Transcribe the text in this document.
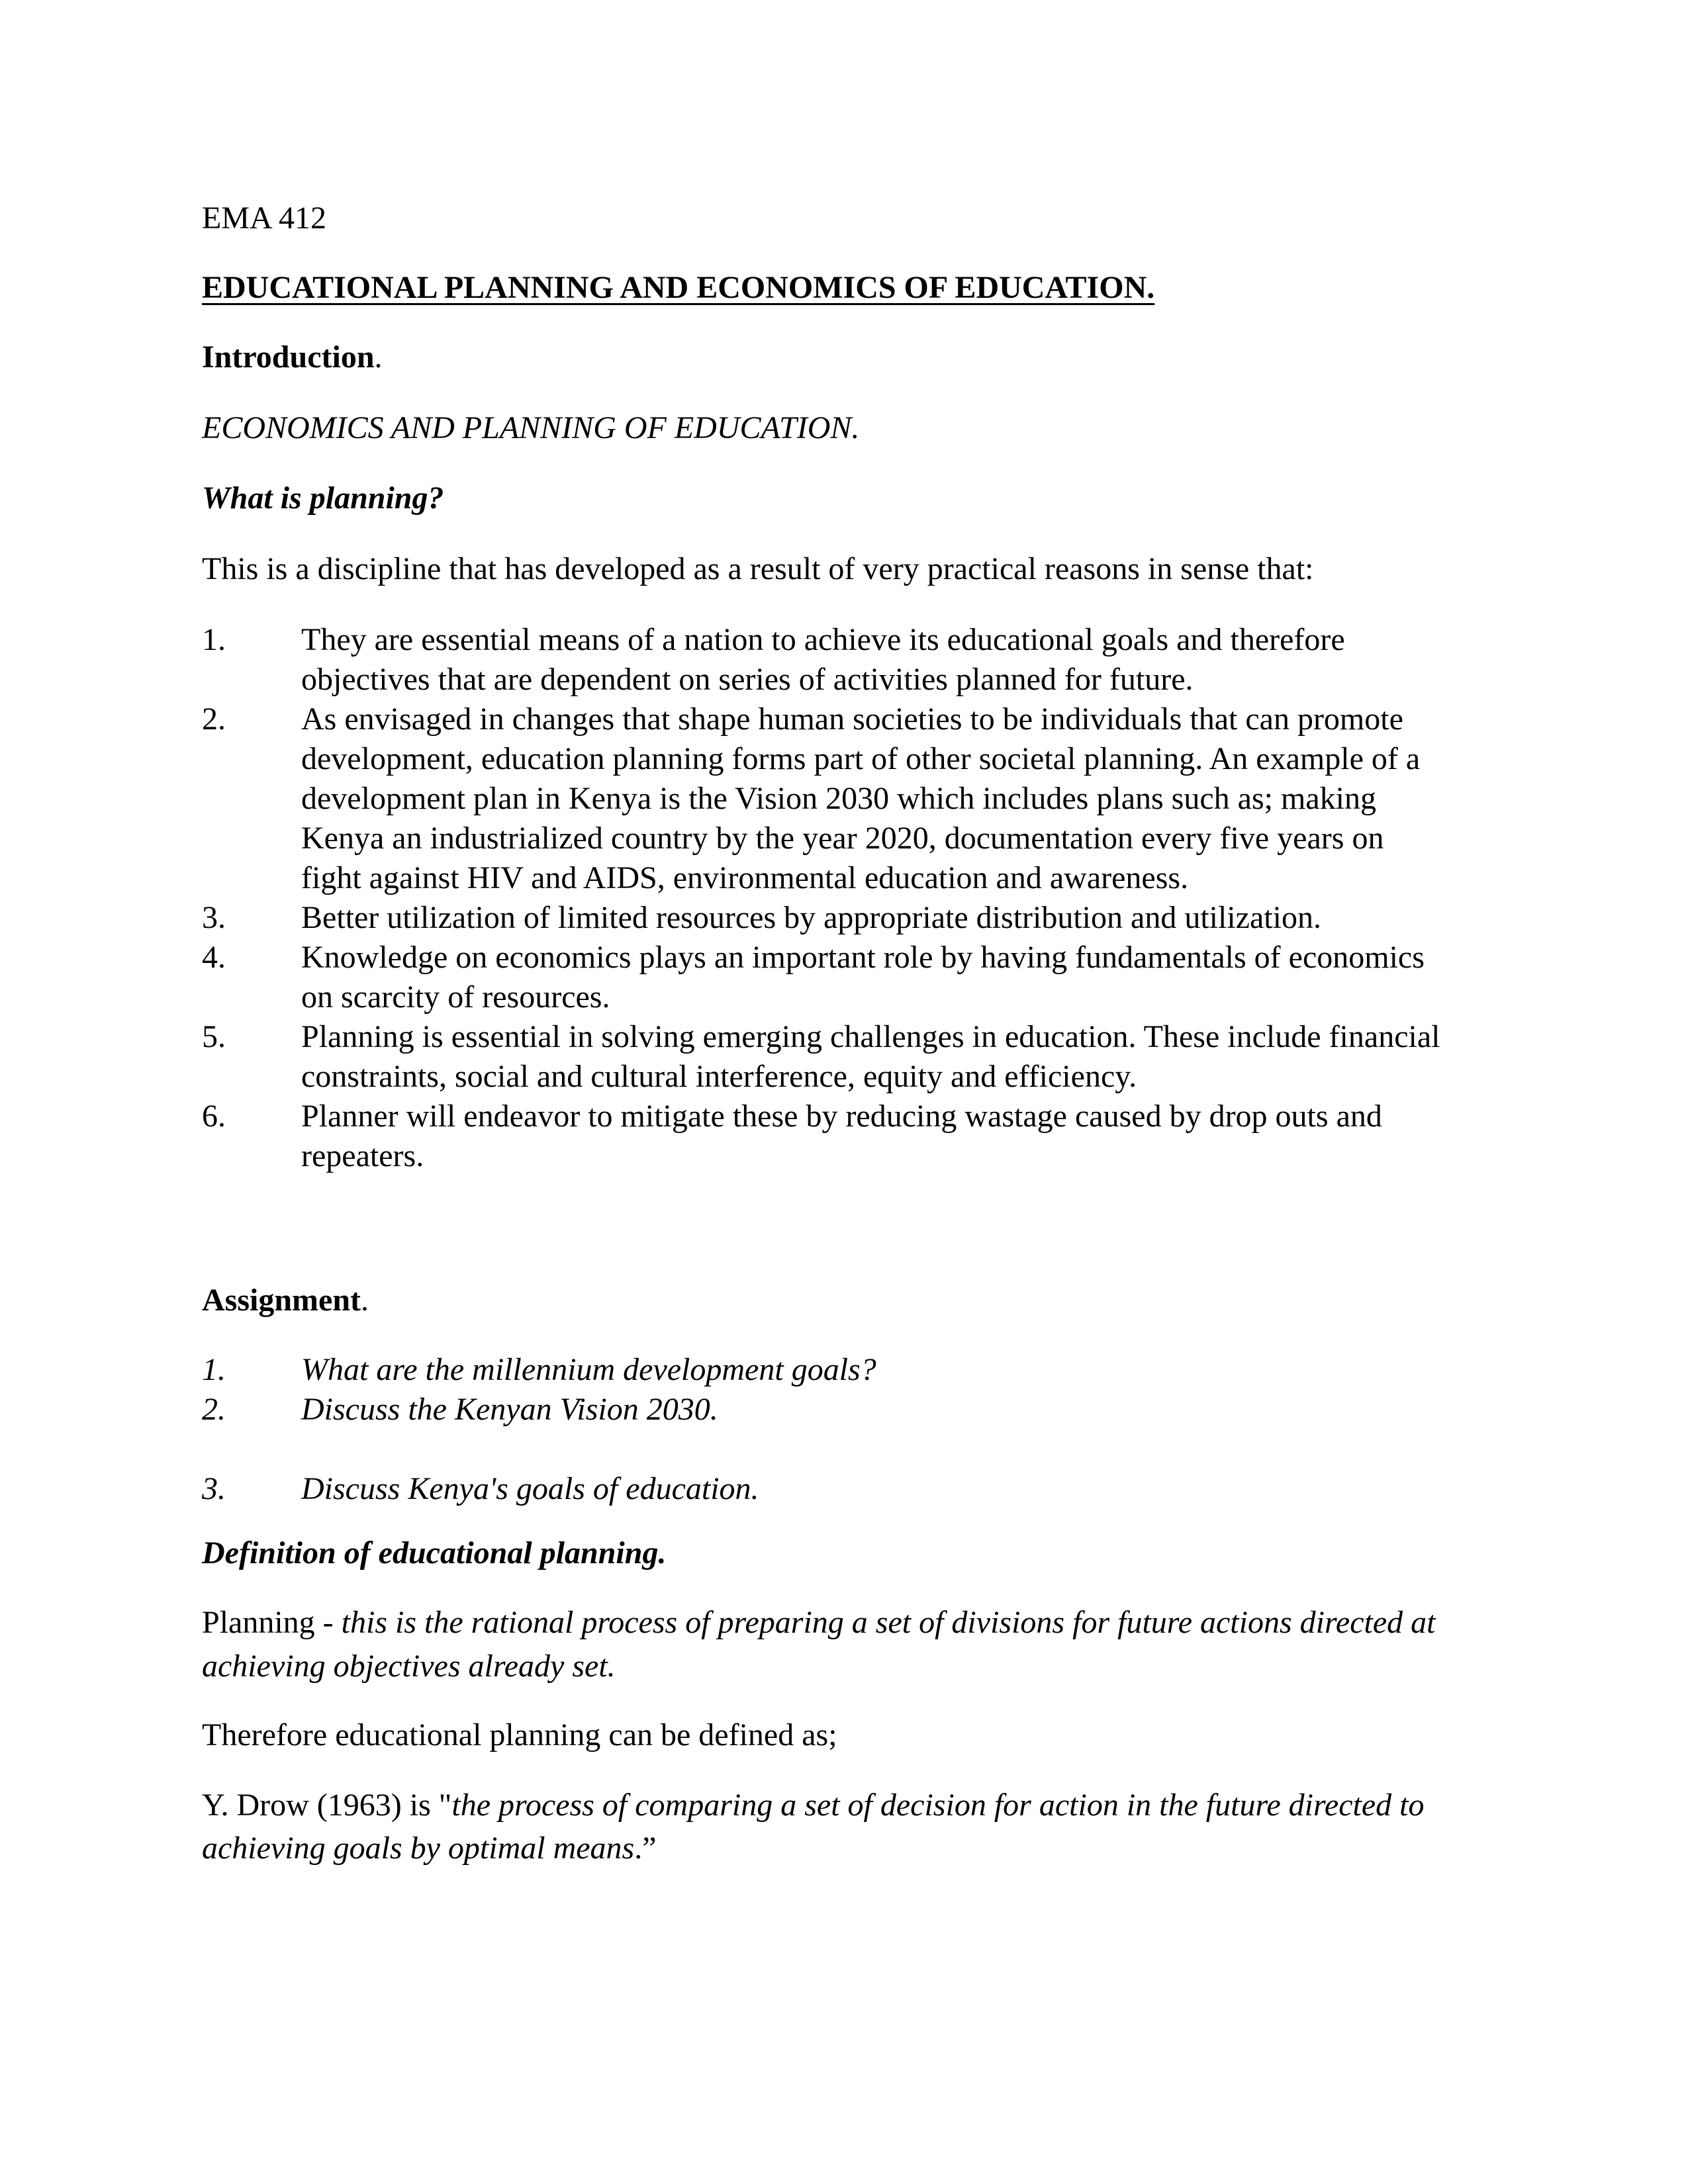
EMA 412

EDUCATIONAL PLANNING AND ECONOMICS OF EDUCATION.

Introduction.

ECONOMICS AND PLANNING OF EDUCATION.

What is planning?

This is a discipline that has developed as a result of very practical reasons in sense that:

1.	They are essential means of a nation to achieve its educational goals and therefore
objectives that are dependent on series of activities planned for future.
2.	As envisaged in changes that shape human societies to be individuals that can promote
development, education planning forms part of other societal planning. An example of a
development plan in Kenya is the Vision 2030 which includes plans such as; making
Kenya an industrialized country by the year 2020, documentation every five years on
fight against HIV and AIDS, environmental education and awareness.
3.	Better utilization of limited resources by appropriate distribution and utilization.
4.	Knowledge on economics plays an important role by having fundamentals of economics
on scarcity of resources.
5.	Planning is essential in solving emerging challenges in education. These include financial
constraints, social and cultural interference, equity and efficiency.
6.	Planner will endeavor to mitigate these by reducing wastage caused by drop outs and
repeaters.

Assignment.

1.	What are the millennium development goals?
2.	Discuss the Kenyan Vision 2030.
3.	Discuss Kenya's goals of education.

Definition of educational planning.

Planning - this is the rational process of preparing a set of divisions for future actions directed at

achieving objectives already set.

Therefore educational planning can be defined as;

Y. Drow (1963) is "the process of comparing a set of decision for action in the future directed to

achieving goals by optimal means.”
